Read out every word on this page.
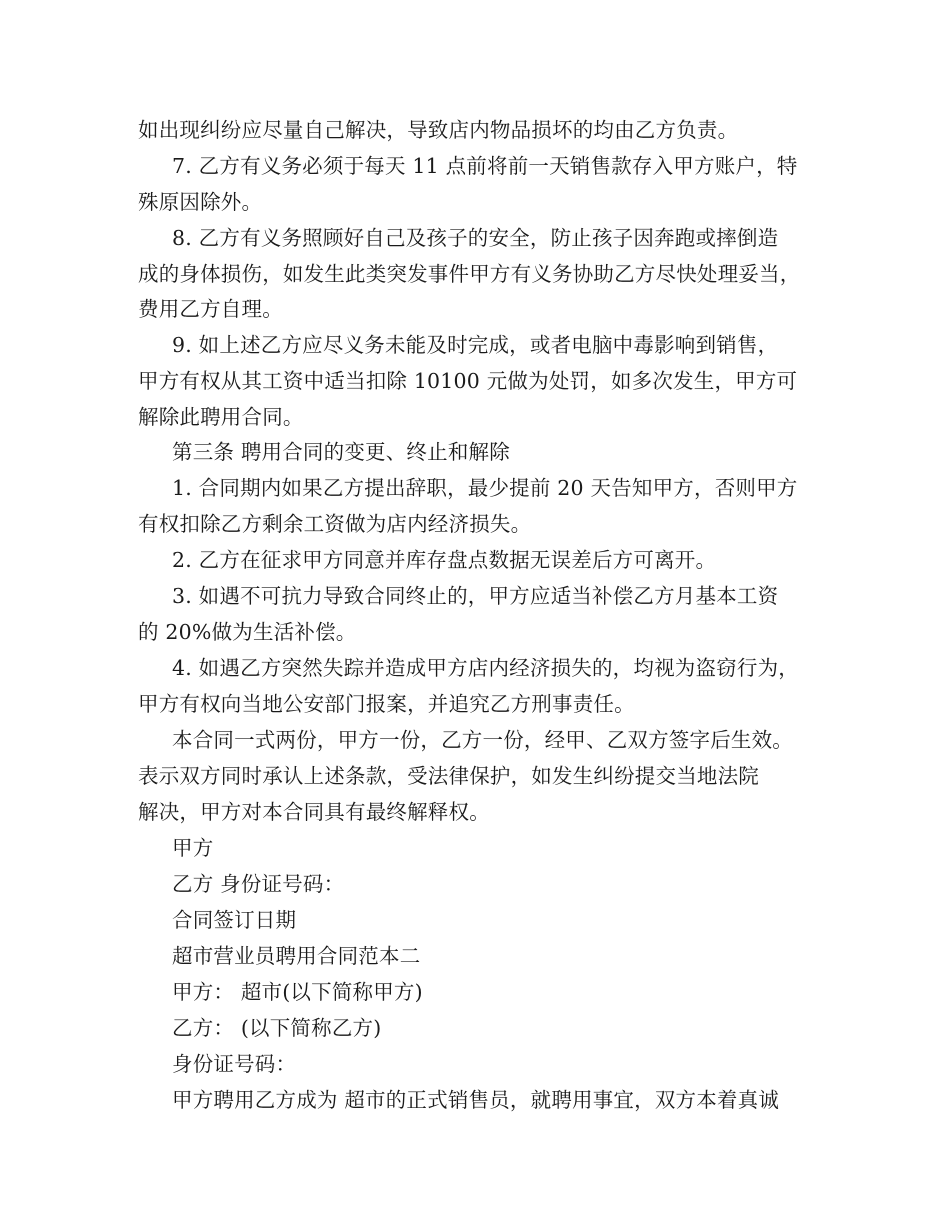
如出现纠纷应尽量自己解决，导致店内物品损坏的均由乙方负责。
7. 乙方有义务必须于每天 11 点前将前一天销售款存入甲方账户，特
殊原因除外。
8. 乙方有义务照顾好自己及孩子的安全，防止孩子因奔跑或摔倒造
成的身体损伤，如发生此类突发事件甲方有义务协助乙方尽快处理妥当，
费用乙方自理。
9. 如上述乙方应尽义务未能及时完成，或者电脑中毒影响到销售，
甲方有权从其工资中适当扣除 10100 元做为处罚，如多次发生，甲方可
解除此聘用合同。
第三条 聘用合同的变更、终止和解除
1. 合同期内如果乙方提出辞职，最少提前 20 天告知甲方，否则甲方
有权扣除乙方剩余工资做为店内经济损失。
2. 乙方在征求甲方同意并库存盘点数据无误差后方可离开。
3. 如遇不可抗力导致合同终止的，甲方应适当补偿乙方月基本工资
的 20%做为生活补偿。
4. 如遇乙方突然失踪并造成甲方店内经济损失的，均视为盗窃行为，
甲方有权向当地公安部门报案，并追究乙方刑事责任。
本合同一式两份，甲方一份，乙方一份，经甲、乙双方签字后生效。
表示双方同时承认上述条款，受法律保护，如发生纠纷提交当地法院
解决，甲方对本合同具有最终解释权。
甲方
乙方 身份证号码：
合同签订日期
超市营业员聘用合同范本二
甲方： 超市(以下简称甲方)
乙方： (以下简称乙方)
身份证号码：
甲方聘用乙方成为 超市的正式销售员，就聘用事宜，双方本着真诚
